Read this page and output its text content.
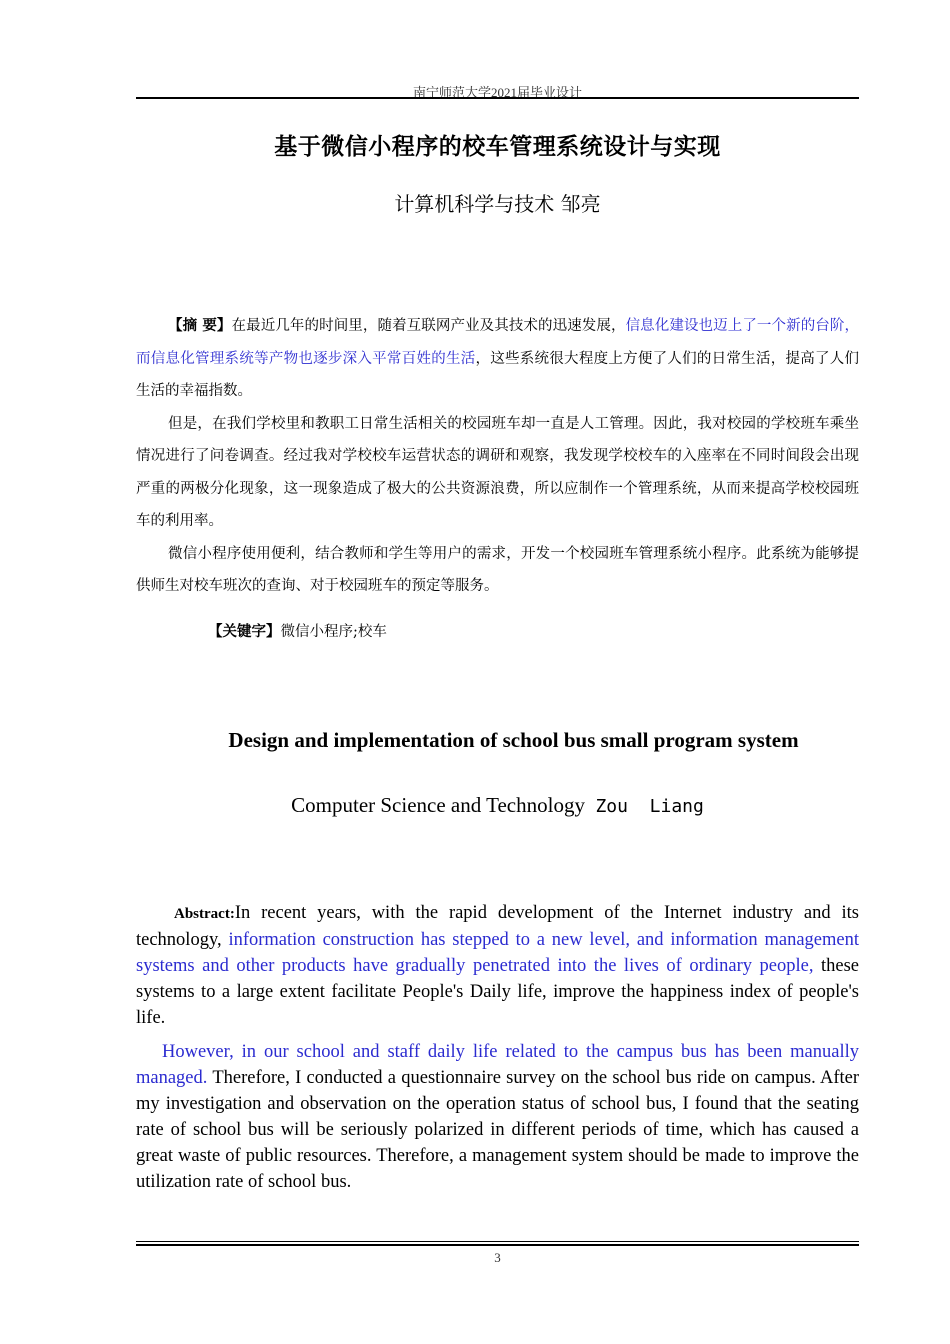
南宁师范大学2021届毕业设计
基于微信小程序的校车管理系统设计与实现
计算机科学与技术 邹亮

【摘 要】在最近几年的时间里，随着互联网产业及其技术的迅速发展，信息化建设也迈上了一个新的台阶，而信息化管理系统等产物也逐步深入平常百姓的生活，这些系统很大程度上方便了人们的日常生活，提高了人们生活的幸福指数。

但是，在我们学校里和教职工日常生活相关的校园班车却一直是人工管理。因此，我对校园的学校班车乘坐情况进行了问卷调查。经过我对学校校车运营状态的调研和观察，我发现学校校车的入座率在不同时间段会出现严重的两极分化现象，这一现象造成了极大的公共资源浪费，所以应制作一个管理系统，从而来提高学校校园班车的利用率。

微信小程序使用便利，结合教师和学生等用户的需求，开发一个校园班车管理系统小程序。此系统为能够提供师生对校车班次的查询、对于校园班车的预定等服务。

【关键字】微信小程序;校车
Design and implementation of school bus small program system
Computer Science and Technology Zou  Liang

Abstract:In recent years, with the rapid development of the Internet industry and its technology, information construction has stepped to a new level, and information management systems and other products have gradually penetrated into the lives of ordinary people, these systems to a large extent facilitate People's Daily life, improve the happiness index of people's life.

However, in our school and staff daily life related to the campus bus has been manually managed. Therefore, I conducted a questionnaire survey on the school bus ride on campus. After my investigation and observation on the operation status of school bus, I found that the seating rate of school bus will be seriously polarized in different periods of time, which has caused a great waste of public resources. Therefore, a management system should be made to improve the utilization rate of school bus.

3
